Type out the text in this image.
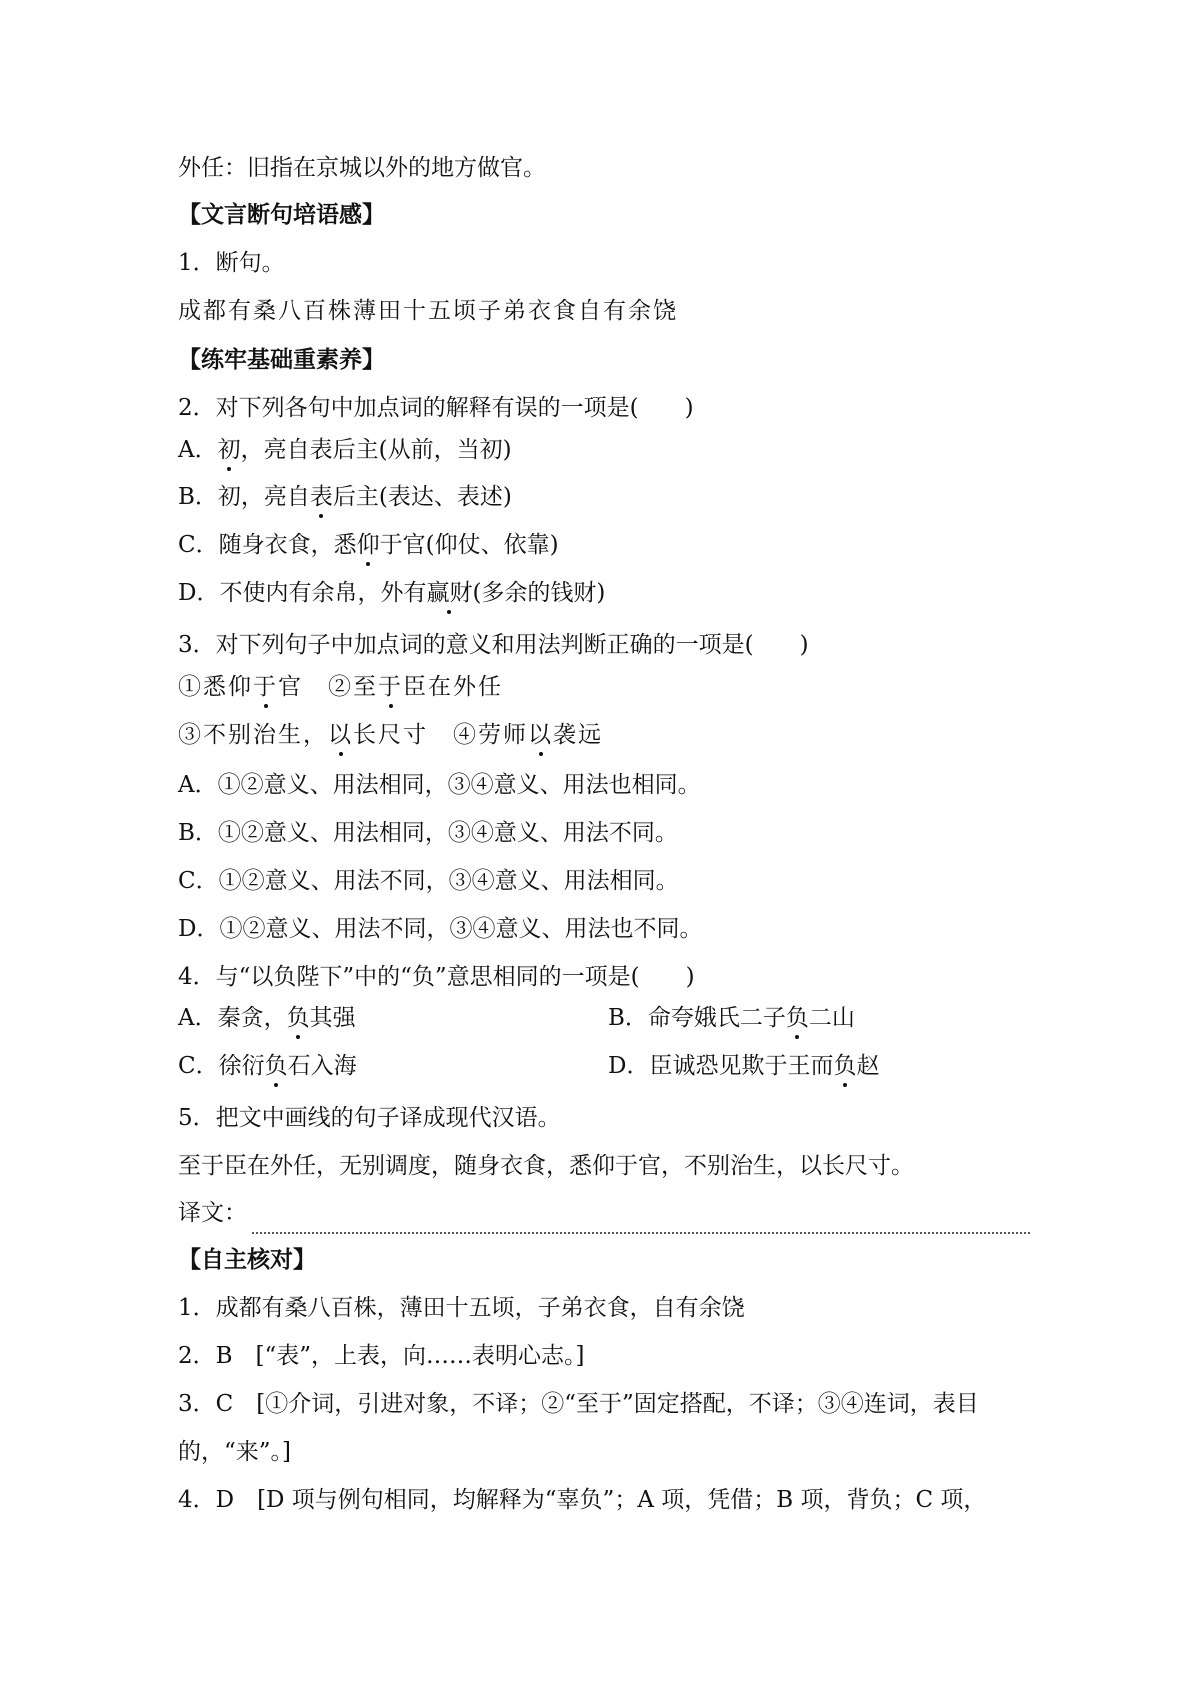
外任：旧指在京城以外的地方做官。
【文言断句培语感】
1．断句。
成都有桑八百株薄田十五顷子弟衣食自有余饶
【练牢基础重素养】
2．对下列各句中加点词的解释有误的一项是(　　)
A．初，亮自表后主(从前，当初)
B．初，亮自表后主(表达、表述)
C．随身衣食，悉仰于官(仰仗、依靠)
D．不使内有余帛，外有赢财(多余的钱财)
3．对下列句子中加点词的意义和用法判断正确的一项是(　　)
①悉仰于官　②至于臣在外任
③不别治生，以长尺寸　④劳师以袭远
A．①②意义、用法相同，③④意义、用法也相同。
B．①②意义、用法相同，③④意义、用法不同。
C．①②意义、用法不同，③④意义、用法相同。
D．①②意义、用法不同，③④意义、用法也不同。
4．与“以负陛下”中的“负”意思相同的一项是(　　)
A．秦贪，负其强	B．命夸娥氏二子负二山
C．徐衍负石入海	D．臣诚恐见欺于王而负赵
5．把文中画线的句子译成现代汉语。
至于臣在外任，无别调度，随身衣食，悉仰于官，不别治生，以长尺寸。
译文：
【自主核对】
1．成都有桑八百株，薄田十五顷，子弟衣食，自有余饶
2．B　[“表”，上表，向……表明心志。]
3．C　[①介词，引进对象，不译；②“至于”固定搭配，不译；③④连词，表目
的，“来”。]
4．D　[D 项与例句相同，均解释为“辜负”；A 项，凭借；B 项，背负；C 项，
